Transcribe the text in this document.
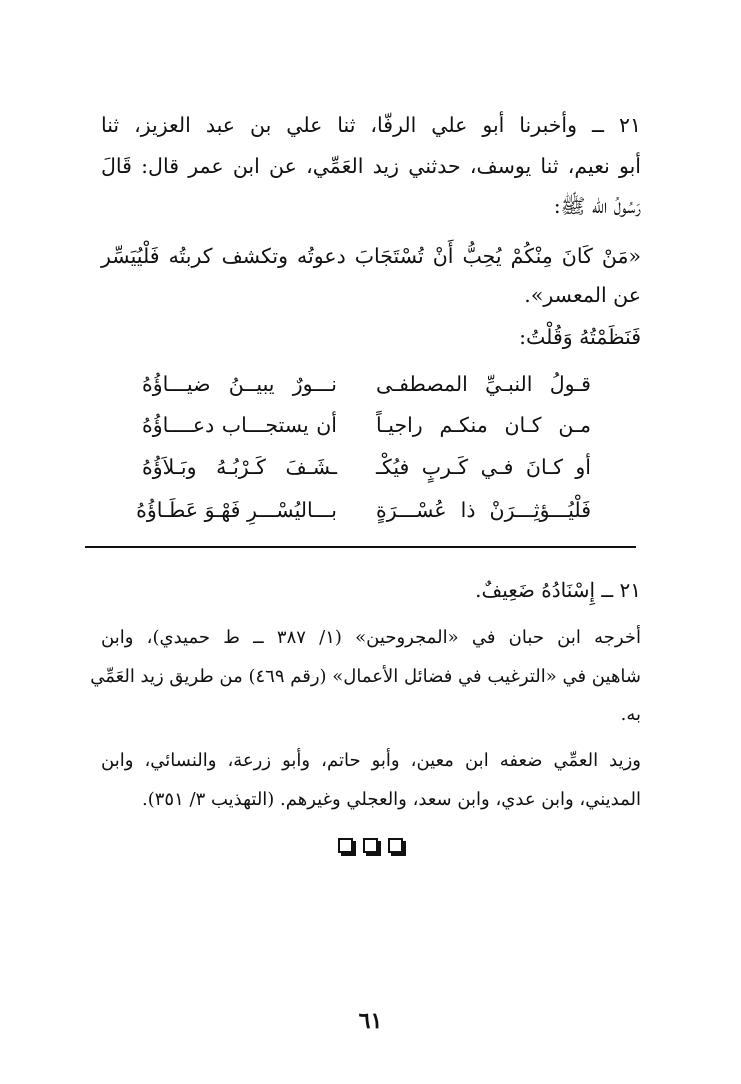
٢١ ــ وأخبرنا أبو علي الرفّا، ثنا علي بن عبد العزيز، ثنا
أبو نعيم، ثنا يوسف، حدثني زيد العَمِّي، عن ابن عمر قال: قَالَ
رَسُولُ اللّه ﷺ:
«مَنْ كَانَ مِنْكُمْ يُحِبُّ أَنْ تُسْتَجَابَ دعوتُه وتكشف كربتُه فَلْيُيَسِّر
عن المعسر».
فَنَظَمْتُهُ وَقُلْتُ:
قـولُ النبـيِّ المصطفـى
نـــورٌ يبيــنُ ضيـــاؤُهُ
مـن كـان منكـم راجيـاً
أن يستجـــاب دعــــاؤُهُ
أو كـانَ فـي كَـربٍ فيُكْـ
ـشَـفَ كَـرْبُـهُ وبَـلاَؤُهُ
فَلْيُـــؤثِـــرَنْ ذا عُسْـــرَةٍ
بـــاليُسْـــرِ فَهْـوَ عَطَـاؤُهُ
٢١ ــ إِسْنَادُهُ ضَعِيفٌ.
أخرجه ابن حبان في «المجروحين» (١/ ٣٨٧ ــ ط حميدي)، وابن
شاهين في «الترغيب في فضائل الأعمال» (رقم ٤٦٩) من طريق زيد العَمِّي
به.
وزيد العمِّي ضعفه ابن معين، وأبو حاتم، وأبو زرعة، والنسائي، وابن
المديني، وابن عدي، وابن سعد، والعجلي وغيرهم. (التهذيب ٣/ ٣٥١).
٦١
